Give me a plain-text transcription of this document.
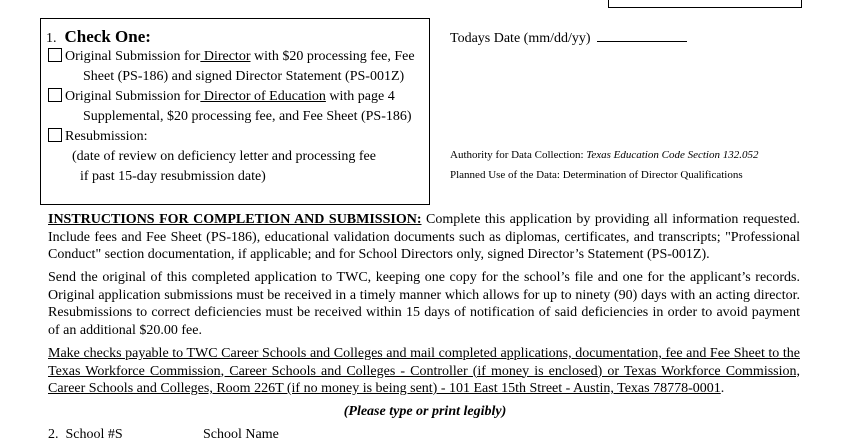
1. Check One:
Original Submission for Director with $20 processing fee, Fee
Sheet (PS-186) and signed Director Statement (PS-001Z)
Original Submission for Director of Education with page 4
Supplemental, $20 processing fee, and Fee Sheet (PS-186)
Resubmission:
(date of review on deficiency letter and processing fee
if past 15-day resubmission date)
Todays Date (mm/dd/yy)
Authority for Data Collection: Texas Education Code Section 132.052
Planned Use of the Data: Determination of Director Qualifications
INSTRUCTIONS FOR COMPLETION AND SUBMISSION: Complete this application by providing all information requested. Include fees and Fee Sheet (PS-186), educational validation documents such as diplomas, certificates, and transcripts; "Professional Conduct" section documentation, if applicable; and for School Directors only, signed Director’s Statement (PS-001Z).
Send the original of this completed application to TWC, keeping one copy for the school’s file and one for the applicant’s records. Original application submissions must be received in a timely manner which allows for up to ninety (90) days with an acting director. Resubmissions to correct deficiencies must be received within 15 days of notification of said deficiencies in order to avoid payment of an additional $20.00 fee.
Make checks payable to TWC Career Schools and Colleges and mail completed applications, documentation, fee and Fee Sheet to the Texas Workforce Commission, Career Schools and Colleges - Controller (if money is enclosed) or Texas Workforce Commission, Career Schools and Colleges, Room 226T (if no money is being sent) - 101 East 15th Street - Austin, Texas 78778-0001.
(Please type or print legibly)
2. School #S	School Name
